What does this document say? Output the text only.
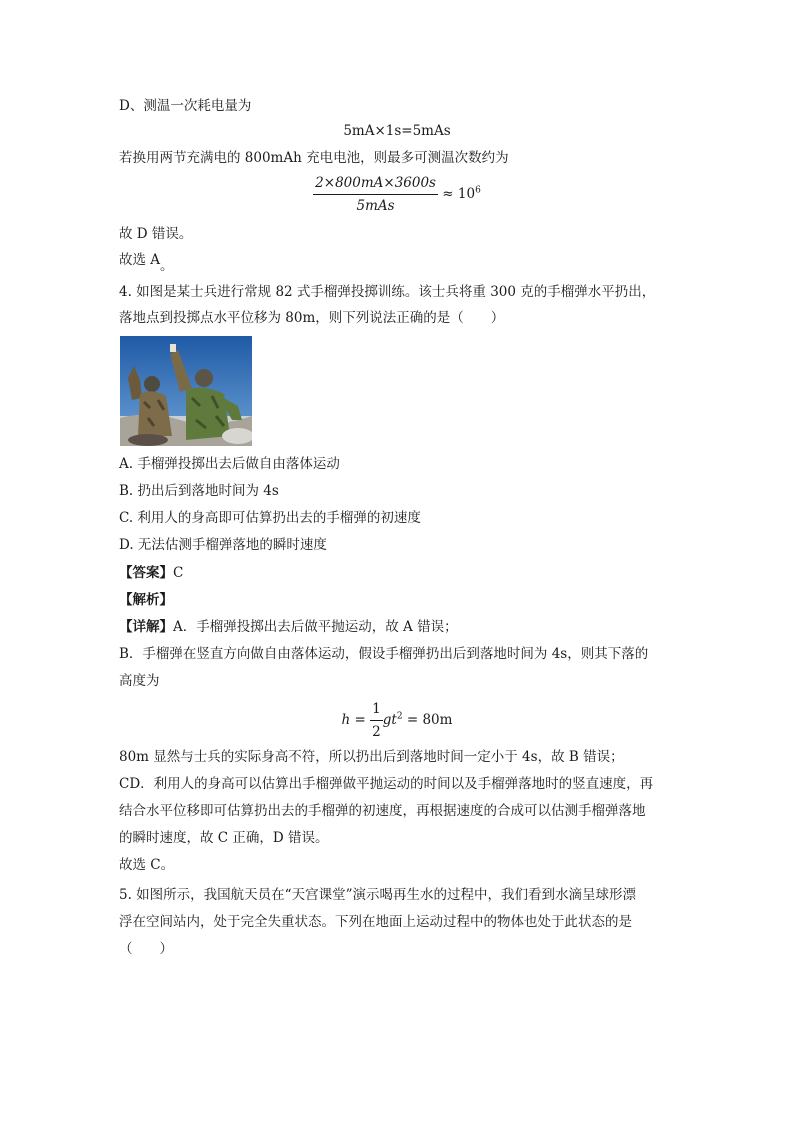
D、测温一次耗电量为
5mA×1s=5mAs
若换用两节充满电的 800mAh 充电电池，则最多可测温次数约为
$\frac{2\times 800mA\times 3600s}{\text{5mAs}} \approx 10^6$
故 D 错误。
故选 A。
4. 如图是某士兵进行常规 82 式手榴弹投掷训练。该士兵将重 300 克的手榴弹水平扔出，
落地点到投掷点水平位移为 80m，则下列说法正确的是（　　）
A. 手榴弹投掷出去后做自由落体运动
B. 扔出后到落地时间为 4s
C. 利用人的身高即可估算扔出去的手榴弹的初速度
D. 无法估测手榴弹落地的瞬时速度
【答案】C
【解析】
【详解】A．手榴弹投掷出去后做平抛运动，故 A 错误；
B．手榴弹在竖直方向做自由落体运动，假设手榴弹扔出后到落地时间为 4s，则其下落的
高度为
$h = \frac{1}{2} gt^2 = 80m$
80m 显然与士兵的实际身高不符，所以扔出后到落地时间一定小于 4s，故 B 错误；
CD．利用人的身高可以估算出手榴弹做平抛运动的时间以及手榴弹落地时的竖直速度，再
结合水平位移即可估算扔出去的手榴弹的初速度，再根据速度的合成可以估测手榴弹落地
的瞬时速度，故 C 正确，D 错误。
故选 C。
5. 如图所示，我国航天员在“天宫课堂”演示喝再生水的过程中，我们看到水滴呈球形漂
浮在空间站内，处于完全失重状态。下列在地面上运动过程中的物体也处于此状态的是
（　　）
